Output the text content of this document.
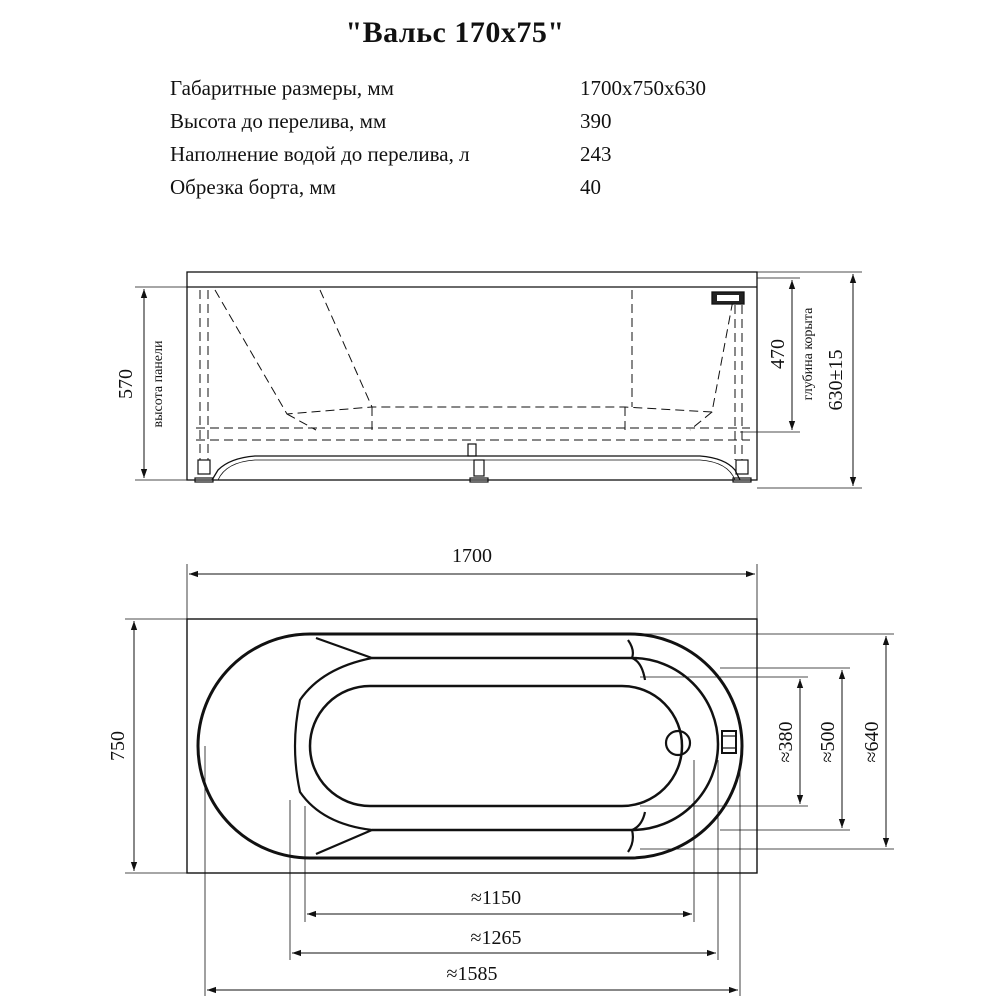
"Вальс 170x75"
Габаритные размеры, мм	1700x750x630
Высота до перелива, мм	390
Наполнение водой до перелива, л	243
Обрезка борта, мм	40
570 высота панели	470 глубина корыта 630±15
1700
750	≈380 ≈500 ≈640
≈1150
≈1265
≈1585
